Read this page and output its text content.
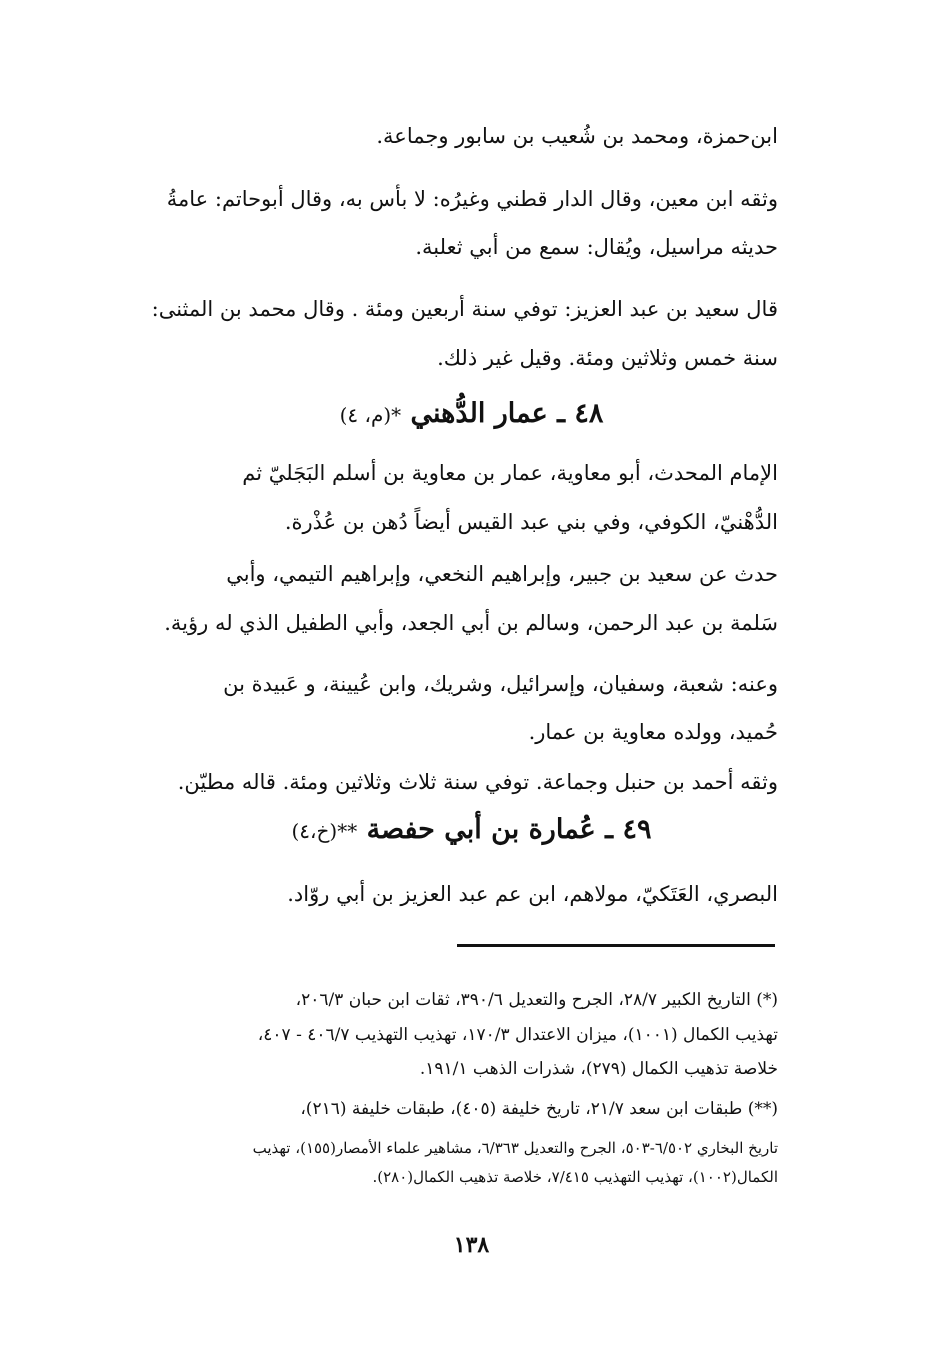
ابن‌حمزة، ومحمد بن شُعيب بن سابور وجماعة.
وثقه ابن معين، وقال الدار قطني وغيرُه: لا بأس به، وقال أبوحاتم: عامةُ
حديثه مراسيل، ويُقال: سمع من أبي ثعلبة.
قال سعيد بن عبد العزيز: توفي سنة أربعين ومئة . وقال محمد بن المثنى:
سنة خمس وثلاثين ومئة. وقيل غير ذلك.
٤٨ ـ عمار الدُّهني *(م، ٤)
الإمام المحدث، أبو معاوية، عمار بن معاوية بن أسلم البَجَليّ ثم
الدُّهْنيّ، الكوفي، وفي بني عبد القيس أيضاً دُهن بن عُذْرة.
حدث عن سعيد بن جبير، وإبراهيم النخعي، وإبراهيم التيمي، وأبي
سَلمة بن عبد الرحمن، وسالم بن أبي الجعد، وأبي الطفيل الذي له رؤية.
وعنه: شعبة، وسفيان، وإسرائيل، وشريك، وابن عُيينة، و عَبيدة بن
حُميد، وولده معاوية بن عمار.
وثقه أحمد بن حنبل وجماعة. توفي سنة ثلاث وثلاثين ومئة. قاله مطيّن.
٤٩ ـ عُمارة بن أبي حفصة **(خ،٤)
البصري، العَتَكيّ، مولاهم، ابن عم عبد العزيز بن أبي روّاد.
(*) التاريخ الكبير ٢٨/٧، الجرح والتعديل ٣٩٠/٦، ثقات ابن حبان ٢٠٦/٣،
تهذيب الكمال (١٠٠١)، ميزان الاعتدال ١٧٠/٣، تهذيب التهذيب ٤٠٦/٧ - ٤٠٧،
خلاصة تذهيب الكمال (٢٧٩)، شذرات الذهب ١٩١/١.
(**) طبقات ابن سعد ٢١/٧، تاريخ خليفة (٤٠٥)، طبقات خليفة (٢١٦)،
تاريخ البخاري ٦/٥٠٢-٥٠٣، الجرح والتعديل ٦/٣٦٣، مشاهير علماء الأمصار(١٥٥)، تهذيب
الكمال(١٠٠٢)، تهذيب التهذيب ٧/٤١٥، خلاصة تذهيب الكمال(٢٨٠).
١٣٨
